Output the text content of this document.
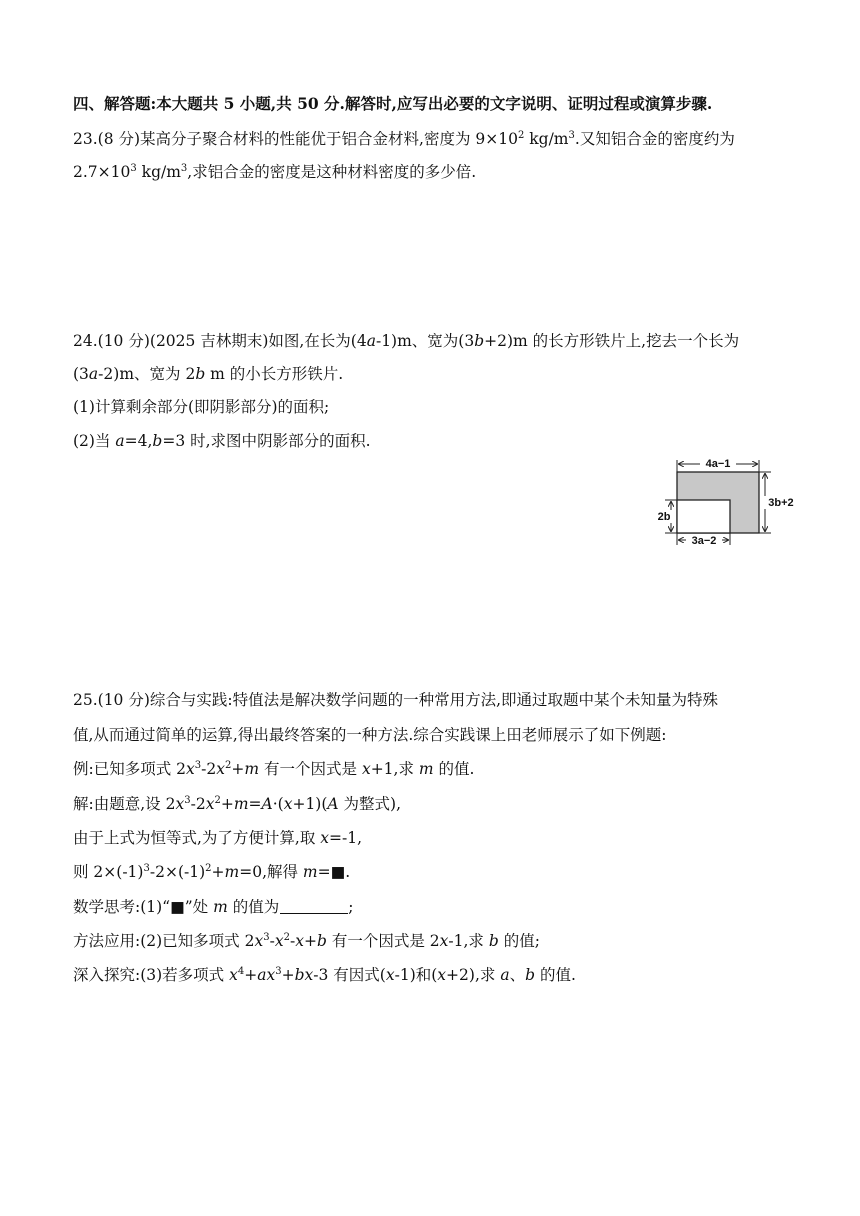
四、解答题:本大题共 5 小题,共 50 分.解答时,应写出必要的文字说明、证明过程或演算步骤.
23.(8 分)某高分子聚合材料的性能优于铝合金材料,密度为 $9\times 10^2$ $kg/m^3$.又知铝合金的密度约为
$2.7\times 10^3$ $kg/m^3$,求铝合金的密度是这种材料密度的多少倍.
24.(10 分)(2025 吉林期末)如图,在长为(4a-1)m、宽为(3b+2)m 的长方形铁片上,挖去一个长为
(3a-2)m、宽为 2b m 的小长方形铁片.
(1)计算剩余部分(即阴影部分)的面积;
(2)当 a=4,b=3 时,求图中阴影部分的面积.
4a−1
3b+2
2b
3a−2
25.(10 分)综合与实践:特值法是解决数学问题的一种常用方法,即通过取题中某个未知量为特殊
值,从而通过简单的运算,得出最终答案的一种方法.综合实践课上田老师展示了如下例题:
例:已知多项式 $2x^3-2x^2+m$ 有一个因式是 x+1,求 m 的值.
解:由题意,设 $2x^3-2x^2+m=A\cdot(x+1)(A$ 为整式),
由于上式为恒等式,为了方便计算,取 x=-1,
则 $2\times(-1)^3-2\times(-1)^2+m=0$,解得 m=■.
数学思考:(1)“■”处 m 的值为	;
方法应用:(2)已知多项式 $2x^3-x^2-x+b$ 有一个因式是 2x-1,求 b 的值;
深入探究:(3)若多项式 $x^4+ax^3+bx-3$ 有因式(x-1)和(x+2),求 a、b 的值.
